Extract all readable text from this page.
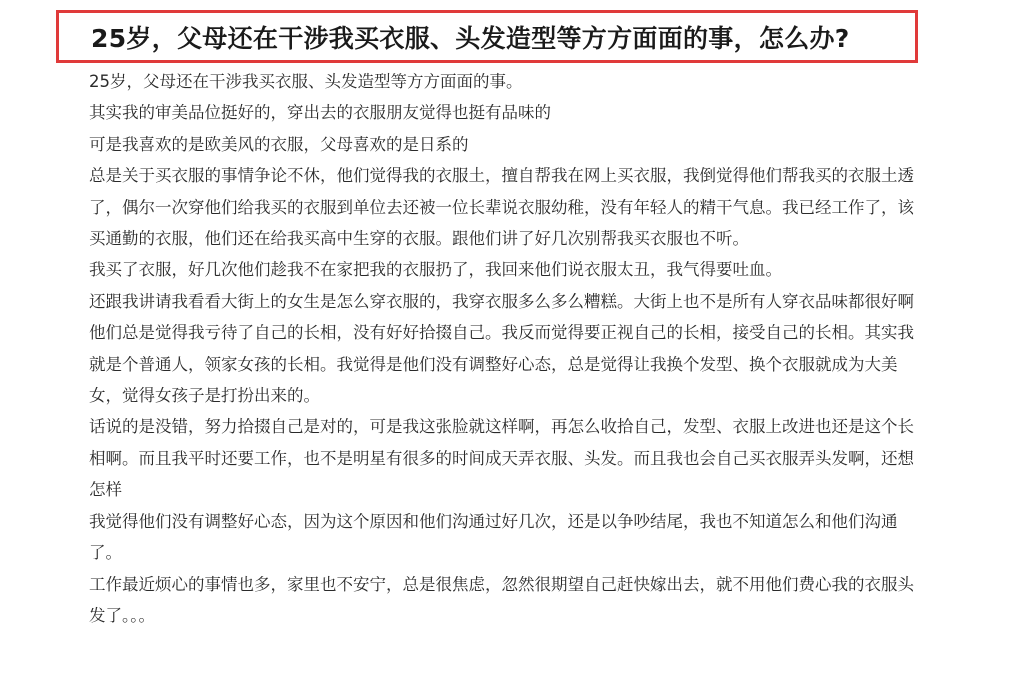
25岁，父母还在干涉我买衣服、头发造型等方方面面的事，怎么办?

25岁，父母还在干涉我买衣服、头发造型等方方面面的事。

其实我的审美品位挺好的，穿出去的衣服朋友觉得也挺有品味的

可是我喜欢的是欧美风的衣服，父母喜欢的是日系的

总是关于买衣服的事情争论不休，他们觉得我的衣服土，擅自帮我在网上买衣服，我倒觉得他们帮我买的衣服土透了，偶尔一次穿他们给我买的衣服到单位去还被一位长辈说衣服幼稚，没有年轻人的精干气息。我已经工作了，该买通勤的衣服，他们还在给我买高中生穿的衣服。跟他们讲了好几次别帮我买衣服也不听。

我买了衣服，好几次他们趁我不在家把我的衣服扔了，我回来他们说衣服太丑，我气得要吐血。

还跟我讲请我看看大街上的女生是怎么穿衣服的，我穿衣服多么多么糟糕。大街上也不是所有人穿衣品味都很好啊

他们总是觉得我亏待了自己的长相，没有好好拾掇自己。我反而觉得要正视自己的长相，接受自己的长相。其实我就是个普通人，领家女孩的长相。我觉得是他们没有调整好心态，总是觉得让我换个发型、换个衣服就成为大美女，觉得女孩子是打扮出来的。

话说的是没错，努力拾掇自己是对的，可是我这张脸就这样啊，再怎么收拾自己，发型、衣服上改进也还是这个长相啊。而且我平时还要工作，也不是明星有很多的时间成天弄衣服、头发。而且我也会自己买衣服弄头发啊，还想怎样

我觉得他们没有调整好心态，因为这个原因和他们沟通过好几次，还是以争吵结尾，我也不知道怎么和他们沟通了。

工作最近烦心的事情也多，家里也不安宁，总是很焦虑，忽然很期望自己赶快嫁出去，就不用他们费心我的衣服头发了。。。
